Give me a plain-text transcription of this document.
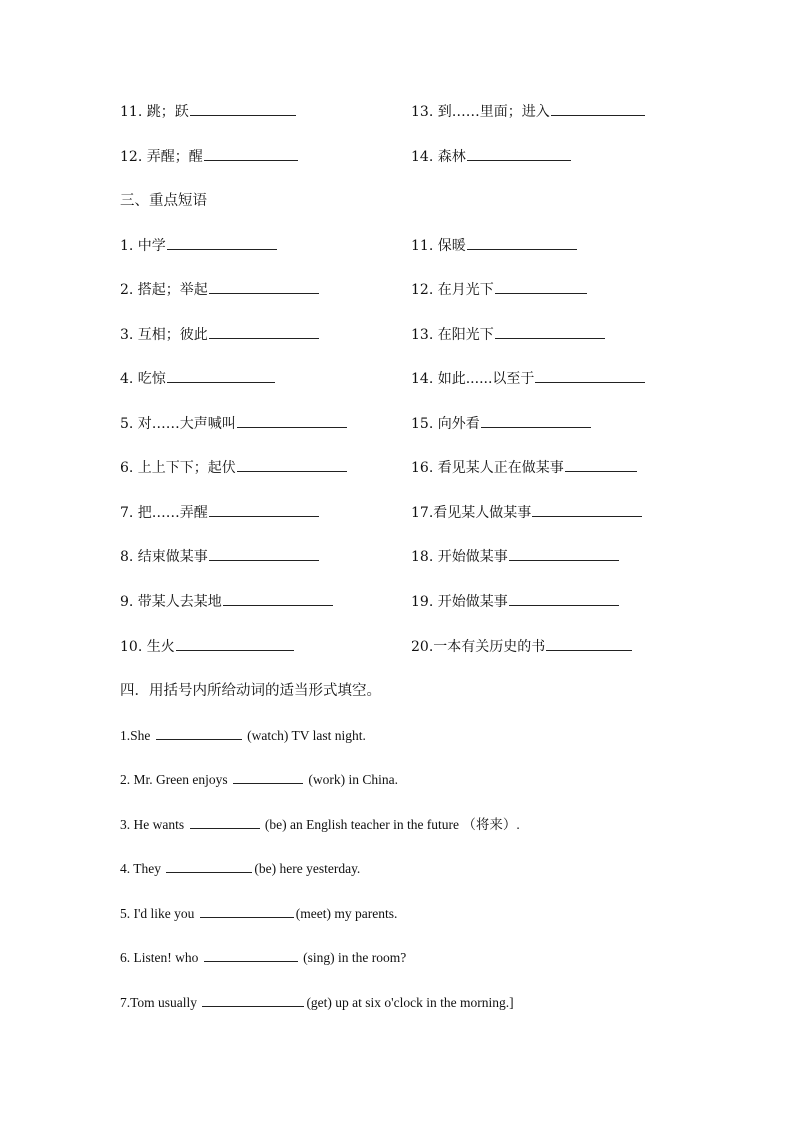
11. 跳；跃	13. 到……里面；进入
12. 弄醒；醒	14. 森林
三、重点短语
1. 中学	11. 保暖
2. 搭起；举起	12. 在月光下
3. 互相；彼此	13. 在阳光下
4. 吃惊	14. 如此......以至于
5. 对……大声喊叫	15. 向外看
6. 上上下下；起伏	16. 看见某人正在做某事
7. 把……弄醒	17.看见某人做某事
8. 结束做某事	18. 开始做某事
9. 带某人去某地	19. 开始做某事
10. 生火	20.一本有关历史的书
四．用括号内所给动词的适当形式填空。
1.She	(watch) TV last night.
2. Mr. Green enjoys	(work) in China.
3. He wants	(be) an English teacher in the future （将来）.
4. They	(be) here yesterday.
5. I'd like you	(meet) my parents.
6. Listen! who	(sing) in the room?
7.Tom usually	(get) up at six o'clock in the morning.]
